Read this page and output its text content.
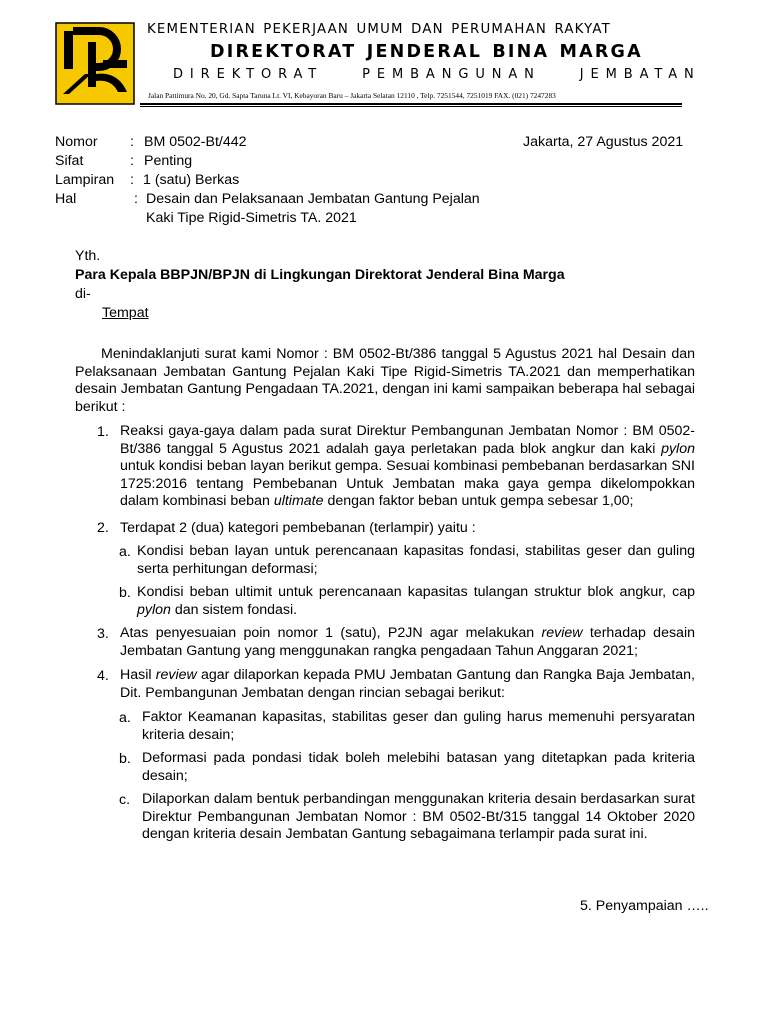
KEMENTERIAN PEKERJAAN UMUM DAN PERUMAHAN RAKYAT
DIREKTORAT JENDERAL BINA MARGA
DIREKTORAT PEMBANGUNAN JEMBATAN
Jalan Pattimura No. 20, Gd. Sapta Taruna Lt. VI, Kebayoran Baru – Jakarta Selatan 12110 , Telp. 7251544, 7251019 FAX. (021) 7247283
Nomor : BM 0502-Bt/442	Jakarta, 27 Agustus 2021
Sifat	: Penting
Lampiran : 1 (satu) Berkas
Hal	: Desain dan Pelaksanaan Jembatan Gantung Pejalan
Kaki Tipe Rigid-Simetris TA. 2021
Yth.
Para Kepala BBPJN/BPJN di Lingkungan Direktorat Jenderal Bina Marga
di-
Tempat
Menindaklanjuti surat kami Nomor : BM 0502-Bt/386 tanggal 5 Agustus 2021 hal Desain dan Pelaksanaan Jembatan Gantung Pejalan Kaki Tipe Rigid-Simetris TA.2021 dan memperhatikan desain Jembatan Gantung Pengadaan TA.2021, dengan ini kami sampaikan beberapa hal sebagai berikut :
1. Reaksi gaya-gaya dalam pada surat Direktur Pembangunan Jembatan Nomor : BM 0502-Bt/386 tanggal 5 Agustus 2021 adalah gaya perletakan pada blok angkur dan kaki pylon untuk kondisi beban layan berikut gempa. Sesuai kombinasi pembebanan berdasarkan SNI 1725:2016 tentang Pembebanan Untuk Jembatan maka gaya gempa dikelompokkan dalam kombinasi beban ultimate dengan faktor beban untuk gempa sebesar 1,00;
2. Terdapat 2 (dua) kategori pembebanan (terlampir) yaitu :
a. Kondisi beban layan untuk perencanaan kapasitas fondasi, stabilitas geser dan guling serta perhitungan deformasi;
b. Kondisi beban ultimit untuk perencanaan kapasitas tulangan struktur blok angkur, cap pylon dan sistem fondasi.
3. Atas penyesuaian poin nomor 1 (satu), P2JN agar melakukan review terhadap desain Jembatan Gantung yang menggunakan rangka pengadaan Tahun Anggaran 2021;
4. Hasil review agar dilaporkan kepada PMU Jembatan Gantung dan Rangka Baja Jembatan, Dit. Pembangunan Jembatan dengan rincian sebagai berikut:
a. Faktor Keamanan kapasitas, stabilitas geser dan guling harus memenuhi persyaratan kriteria desain;
b. Deformasi pada pondasi tidak boleh melebihi batasan yang ditetapkan pada kriteria desain;
c. Dilaporkan dalam bentuk perbandingan menggunakan kriteria desain berdasarkan surat Direktur Pembangunan Jembatan Nomor : BM 0502-Bt/315 tanggal 14 Oktober 2020 dengan kriteria desain Jembatan Gantung sebagaimana terlampir pada surat ini.
5. Penyampaian …..
